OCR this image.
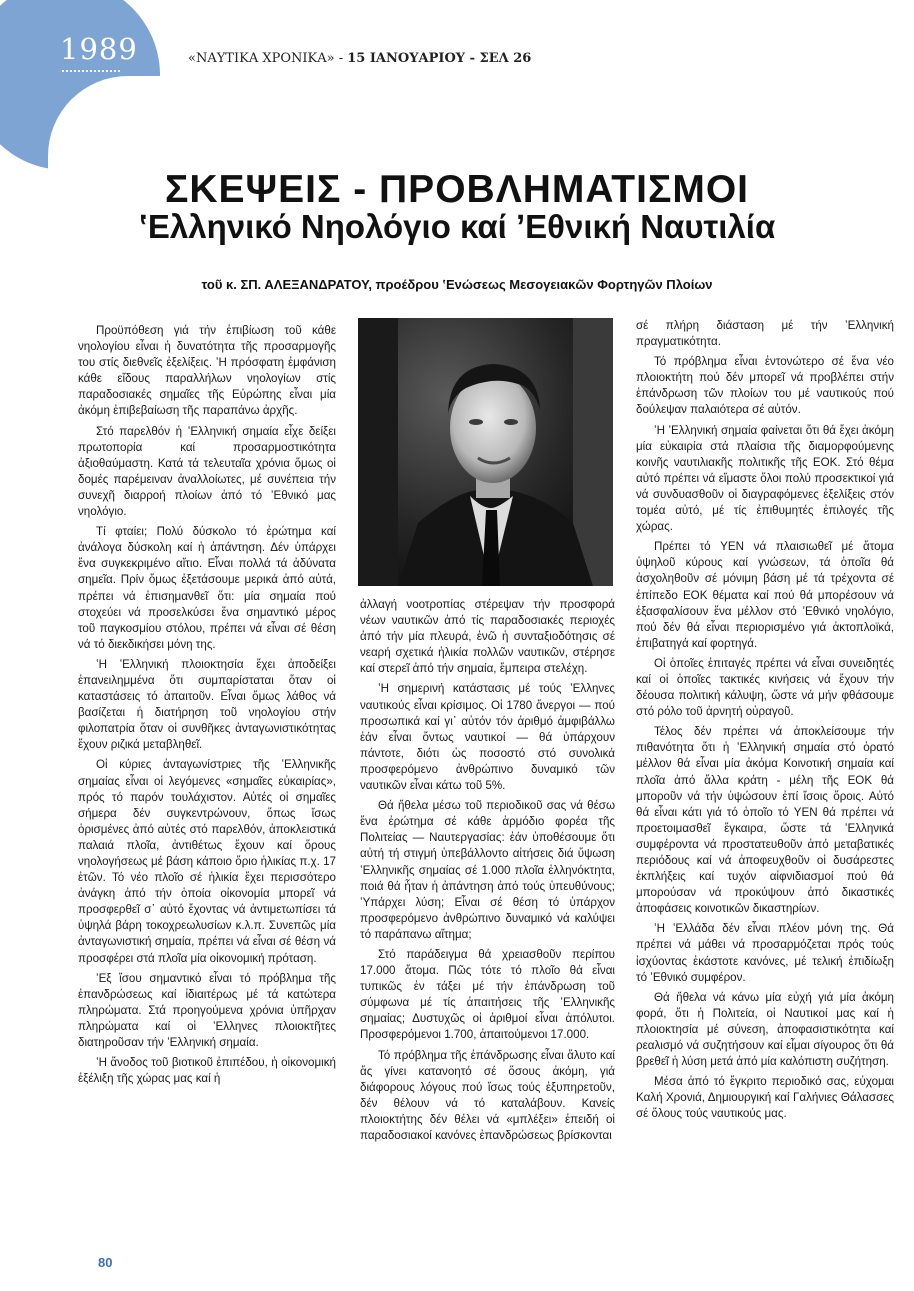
1989	«ΝΑΥΤΙΚΑ ΧΡΟΝΙΚΑ» - 15 ΙΑΝΟΥΑΡΙΟΥ - ΣΕΛ 26
ΣΚΕΨΕΙΣ - ΠΡΟΒΛΗΜΑΤΙΣΜΟΙ
ʽΕλληνικό Νηολόγιο καί ʼΕθνική Ναυτιλία
τοῦ κ. ΣΠ. ΑΛΕΞΑΝΔΡΑΤΟΥ, προέδρου ʽΕνώσεως Μεσογειακῶν Φορτηγῶν Πλοίων

Προϋπόθεση γιά τήν ἐπιβίωση τοῦ κάθε νηολογίου εἶναι ἡ δυνατότητα τῆς προσαρμογῆς του στίς διεθνεῖς ἐξελίξεις. ʽΗ πρόσφατη ἐμφάνιση κάθε εἴδους παραλλήλων νηολογίων στίς παραδοσιακές σημαῖες τῆς Εὐρώπης εἶναι μία ἀκόμη ἐπιβεβαίωση τῆς παραπάνω ἀρχῆς.

Στό παρελθόν ἡ ʽΕλληνική σημαία εἶχε δείξει πρωτοπορία καί προσαρμοστικότητα ἀξιοθαύμαστη. Κατά τά τελευταῖα χρόνια ὅμως οἱ δομές παρέμειναν ἀναλλοίωτες, μέ συνέπεια τήν συνεχῆ διαρροή πλοίων ἀπό τό ʼΕθνικό μας νηολόγιο.

Τί φταίει; Πολύ δύσκολο τό ἐρώτημα καί ἀνάλογα δύσκολη καί ἡ ἀπάντηση. Δέν ὑπάρχει ἕνα συγκεκριμένο αἴτιο. Εἶναι πολλά τά ἀδύνατα σημεῖα. Πρίν ὅμως ἐξετάσουμε μερικά ἀπό αὐτά, πρέπει νά ἐπισημανθεῖ ὅτι: μία σημαία πού στοχεύει νά προσελκύσει ἕνα σημαντικό μέρος τοῦ παγκοσμίου στόλου, πρέπει νά εἶναι σέ θέση νά τό διεκδικήσει μόνη της.

ʽΗ ʽΕλληνική πλοιοκτησία ἔχει ἀποδείξει ἐπανειλημμένα ὅτι συμπαρίσταται ὅταν οἱ καταστάσεις τό ἀπαιτοῦν. Εἶναι ὅμως λάθος νά βασίζεται ἡ διατήρηση τοῦ νηολογίου στήν φιλοπατρία ὅταν οἱ συνθῆκες ἀνταγωνιστικότητας ἔχουν ριζικά μεταβληθεῖ.

Οἱ κύριες ἀνταγωνίστριες τῆς ʽΕλληνικῆς σημαίας εἶναι οἱ λεγόμενες «σημαῖες εὐκαιρίας», πρός τό παρόν τουλάχιστον. Αὐτές οἱ σημαῖες σήμερα δέν συγκεντρώνουν, ὅπως ἴσως ὁρισμένες ἀπό αὐτές στό παρελθόν, ἀποκλειστικά παλαιά πλοῖα, ἀντιθέτως ἔχουν καί ὅρους νηολογήσεως μέ βάση κάποιο ὅριο ἡλικίας π.χ. 17 ἐτῶν. Τό νέο πλοῖο σέ ἡλικία ἔχει περισσότερο ἀνάγκη ἀπό τήν ὁποία οἰκονομία μπορεῖ νά προσφερθεῖ σ᾽ αὐτό ἔχοντας νά ἀντιμετωπίσει τά ὑψηλά βάρη τοκοχρεωλυσίων κ.λ.π. Συνεπῶς μία ἀνταγωνιστική σημαία, πρέπει νά εἶναι σέ θέση νά προσφέρει στά πλοῖα μία οἰκονομική πρόταση.

ʼΕξ ἴσου σημαντικό εἶναι τό πρόβλημα τῆς ἐπανδρώσεως καί ἰδιαιτέρως μέ τά κατώτερα πληρώματα. Στά προηγούμενα χρόνια ὑπῆρχαν πληρώματα καί οἱ ʼΕλληνες πλοιοκτῆτες διατηροῦσαν τήν ʽΕλληνική σημαία.

ʽΗ ἄνοδος τοῦ βιοτικοῦ ἐπιπέδου, ἡ οἰκονομική ἐξέλιξη τῆς χώρας μας καί ἡ

ἀλλαγή νοοτροπίας στέρεψαν τήν προσφορά νέων ναυτικῶν ἀπό τίς παραδοσιακές περιοχές ἀπό τήν μία πλευρά, ἐνῶ ἡ συνταξιοδότησις σέ νεαρή σχετικά ἡλικία πολλῶν ναυτικῶν, στέρησε καί στερεῖ ἀπό τήν σημαία, ἔμπειρα στελέχη.

ʽΗ σημερινή κατάστασις μέ τούς ʼΕλληνες ναυτικούς εἶναι κρίσιμος. Οἱ 1780 ἄνεργοι — πού προσωπικά καί γι᾽ αὐτόν τόν ἀριθμό ἀμφιβάλλω ἐάν εἶναι ὄντως ναυτικοί — θά ὑπάρχουν πάντοτε, διότι ὡς ποσοστό στό συνολικά προσφερόμενο ἀνθρώπινο δυναμικό τῶν ναυτικῶν εἶναι κάτω τοῦ 5%.

Θά ἤθελα μέσω τοῦ περιοδικοῦ σας νά θέσω ἕνα ἐρώτημα σέ κάθε ἁρμόδιο φορέα τῆς Πολιτείας — Ναυτεργασίας: ἐάν ὑποθέσουμε ὅτι αὐτή τή στιγμή ὑπεβάλλοντο αἰτήσεις διά ὕψωση ʽΕλληνικῆς σημαίας σέ 1.000 πλοῖα ἑλληνόκτητα, ποιά θά ἦταν ἡ ἀπάντηση ἀπό τούς ὑπευθύνους; ʽΥπάρχει λύση; Εἶναι σέ θέση τό ὑπάρχον προσφερόμενο ἀνθρώπινο δυναμικό νά καλύψει τό παράπανω αἴτημα;

Στό παράδειγμα θά χρειασθοῦν περίπου 17.000 ἄτομα. Πῶς τότε τό πλοῖο θά εἶναι τυπικῶς ἐν τάξει μέ τήν ἐπάνδρωση τοῦ σύμφωνα μέ τίς ἀπαιτήσεις τῆς ʽΕλληνικῆς σημαίας; Δυστυχῶς οἱ ἀριθμοί εἶναι ἀπόλυτοι. Προσφερόμενοι 1.700, ἀπαιτούμενοι 17.000.

Τό πρόβλημα τῆς ἐπάνδρωσης εἶναι ἄλυτο καί ἄς γίνει κατανοητό σέ ὅσους ἀκόμη, γιά διάφορους λόγους πού ἴσως τούς ἐξυπηρετοῦν, δέν θέλουν νά τό καταλάβουν. Κανείς πλοιοκτήτης δέν θέλει νά «μπλέξει» ἐπειδή οἱ παραδοσιακοί κανόνες ἐπανδρώσεως βρίσκονται

σέ πλήρη διάσταση μέ τήν ʽΕλληνική πραγματικότητα.

Τό πρόβλημα εἶναι ἐντονώτερο σέ ἕνα νέο πλοιοκτήτη πού δέν μπορεῖ νά προβλέπει στήν ἐπάνδρωση τῶν πλοίων του μέ ναυτικούς πού δούλεψαν παλαιότερα σέ αὐτόν.

ʽΗ ʽΕλληνική σημαία φαίνεται ὅτι θά ἔχει ἀκόμη μία εὐκαιρία στά πλαίσια τῆς διαμορφούμενης κοινῆς ναυτιλιακῆς πολιτικῆς τῆς ΕΟΚ. Στό θέμα αὐτό πρέπει νά εἴμαστε ὅλοι πολύ προσεκτικοί γιά νά συνδυασθοῦν οἱ διαγραφόμενες ἐξελίξεις στόν τομέα αὐτό, μέ τίς ἐπιθυμητές ἐπιλογές τῆς χώρας.

Πρέπει τό ΥΕΝ νά πλαισιωθεῖ μέ ἄτομα ὑψηλοῦ κύρους καί γνώσεων, τά ὁποῖα θά ἀσχοληθοῦν σέ μόνιμη βάση μέ τά τρέχοντα σέ ἐπίπεδο ΕΟΚ θέματα καί πού θά μπορέσουν νά ἐξασφαλίσουν ἕνα μέλλον στό ʼΕθνικό νηολόγιο, πού δέν θά εἶναι περιορισμένο γιά ἀκτοπλοϊκά, ἐπιβατηγά καί φορτηγά.

Οἱ ὁποῖες ἐπιταγές πρέπει νά εἶναι συνειδητές καί οἱ ὁποῖες τακτικές κινήσεις νά ἔχουν τήν δέουσα πολιτική κάλυψη, ὥστε νά μήν φθάσουμε στό ρόλο τοῦ ἀρνητή οὐραγοῦ.

Τέλος δέν πρέπει νά ἀποκλείσουμε τήν πιθανότητα ὅτι ἡ ʽΕλληνική σημαία στό ὁρατό μέλλον θά εἶναι μία ἀκόμα Κοινοτική σημαία καί πλοῖα ἀπό ἄλλα κράτη - μέλη τῆς ΕΟΚ θά μποροῦν νά τήν ὑψώσουν ἐπί ἴσοις ὅροις. Αὐτό θά εἶναι κάτι γιά τό ὁποῖο τό ΥΕΝ θά πρέπει νά προετοιμασθεῖ ἔγκαιρα, ὥστε τά ʽΕλληνικά συμφέροντα νά προστατευθοῦν ἀπό μεταβατικές περιόδους καί νά ἀποφευχθοῦν οἱ δυσάρεστες ἐκπλήξεις καί τυχόν αἰφνιδιασμοί πού θά μπορούσαν νά προκύψουν ἀπό δικαστικές ἀποφάσεις κοινοτικῶν δικαστηρίων.

ʽΗ ʽΕλλάδα δέν εἶναι πλέον μόνη της. Θά πρέπει νά μάθει νά προσαρμόζεται πρός τούς ἰσχύοντας ἑκάστοτε κανόνες, μέ τελική ἐπιδίωξη τό ʼΕθνικό συμφέρον.

Θά ἤθελα νά κάνω μία εὐχή γιά μία ἀκόμη φορά, ὅτι ἡ Πολιτεία, οἱ Ναυτικοί μας καί ἡ πλοιοκτησία μέ σύνεση, ἀποφασιστικότητα καί ρεαλισμό νά συζητήσουν καί εἶμαι σίγουρος ὅτι θά βρεθεῖ ἡ λύση μετά ἀπό μία καλόπιστη συζήτηση.

Μέσα ἀπό τό ἔγκριτο περιοδικό σας, εὐχομαι Καλή Χρονιά, Δημιουργική καί Γαλήνιες Θάλασσες σέ ὅλους τούς ναυτικούς μας.

80
